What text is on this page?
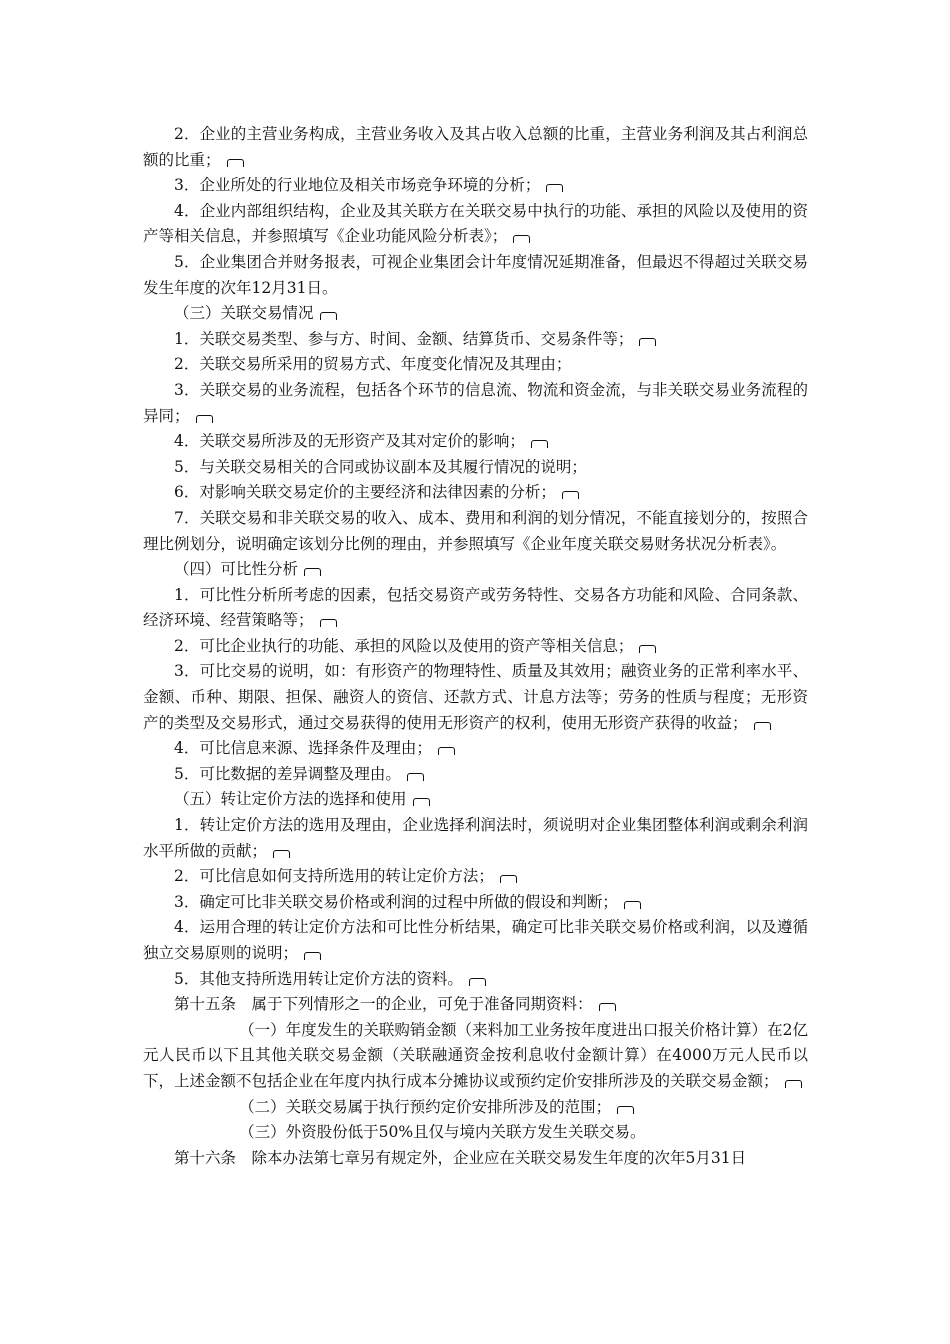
2．企业的主营业务构成，主营业务收入及其占收入总额的比重，主营业务利润及其占利润总额的比重；

3．企业所处的行业地位及相关市场竞争环境的分析；

4．企业内部组织结构，企业及其关联方在关联交易中执行的功能、承担的风险以及使用的资产等相关信息，并参照填写《企业功能风险分析表》；

5．企业集团合并财务报表，可视企业集团会计年度情况延期准备，但最迟不得超过关联交易发生年度的次年12月31日。

（三）关联交易情况

1．关联交易类型、参与方、时间、金额、结算货币、交易条件等；

2．关联交易所采用的贸易方式、年度变化情况及其理由；

3．关联交易的业务流程，包括各个环节的信息流、物流和资金流，与非关联交易业务流程的异同；

4．关联交易所涉及的无形资产及其对定价的影响；

5．与关联交易相关的合同或协议副本及其履行情况的说明；

6．对影响关联交易定价的主要经济和法律因素的分析；

7．关联交易和非关联交易的收入、成本、费用和利润的划分情况，不能直接划分的，按照合理比例划分，说明确定该划分比例的理由，并参照填写《企业年度关联交易财务状况分析表》。

（四）可比性分析

1．可比性分析所考虑的因素，包括交易资产或劳务特性、交易各方功能和风险、合同条款、经济环境、经营策略等；

2．可比企业执行的功能、承担的风险以及使用的资产等相关信息；

3．可比交易的说明，如：有形资产的物理特性、质量及其效用；融资业务的正常利率水平、金额、币种、期限、担保、融资人的资信、还款方式、计息方法等；劳务的性质与程度；无形资产的类型及交易形式，通过交易获得的使用无形资产的权利，使用无形资产获得的收益；

4．可比信息来源、选择条件及理由；

5．可比数据的差异调整及理由。

（五）转让定价方法的选择和使用

1．转让定价方法的选用及理由，企业选择利润法时，须说明对企业集团整体利润或剩余利润水平所做的贡献；

2．可比信息如何支持所选用的转让定价方法；

3．确定可比非关联交易价格或利润的过程中所做的假设和判断；

4．运用合理的转让定价方法和可比性分析结果，确定可比非关联交易价格或利润，以及遵循独立交易原则的说明；

5．其他支持所选用转让定价方法的资料。

第十五条　属于下列情形之一的企业，可免于准备同期资料：

（一）年度发生的关联购销金额（来料加工业务按年度进出口报关价格计算）在2亿元人民币以下且其他关联交易金额（关联融通资金按利息收付金额计算）在4000万元人民币以下，上述金额不包括企业在年度内执行成本分摊协议或预约定价安排所涉及的关联交易金额；

（二）关联交易属于执行预约定价安排所涉及的范围；

（三）外资股份低于50%且仅与境内关联方发生关联交易。

第十六条　除本办法第七章另有规定外，企业应在关联交易发生年度的次年5月31日
